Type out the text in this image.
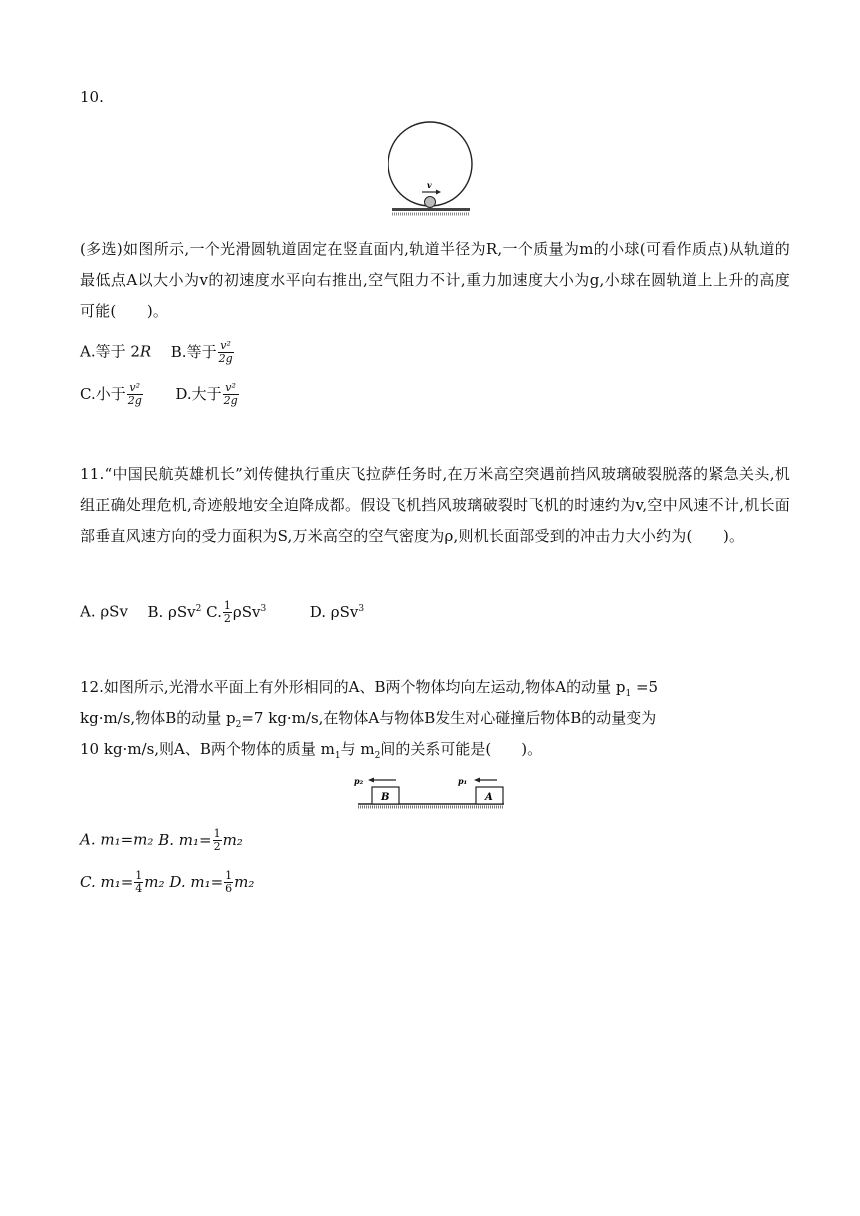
10.
v
(多选)如图所示,一个光滑圆轨道固定在竖直面内,轨道半径为R,一个质量为m的小球(可看作质点)从轨道的最低点A以大小为v的初速度水平向右推出,空气阻力不计,重力加速度大小为g,小球在圆轨道上上升的高度可能(　　)。
A.等于 2R B.等于 $\frac{\text{v²}}{2g}$
C.小于 $\frac{\text{v²}}{2g} D$.大于 $\frac{\text{v²}}{2g}$
11.“中国民航英雄机长”刘传健执行重庆飞拉萨任务时,在万米高空突遇前挡风玻璃破裂脱落的紧急关头,机组正确处理危机,奇迹般地安全迫降成都。假设飞机挡风玻璃破裂时飞机的时速约为v,空中风速不计,机长面部垂直风速方向的受力面积为S,万米高空的空气密度为ρ,则机长面部受到的冲击力大小约为(　　)。
A. ρSv B. ρSv$^2$ C. $\frac{1}{2} \rho Sv^3$	D. ρSv$^3$
12.如图所示,光滑水平面上有外形相同的A、B两个物体均向左运动,物体A的动量 $p_1 =5$
kg·m/s,物体B的动量 $p_2=7$ kg·m/s,在物体A与物体B发生对心碰撞后物体B的动量变为
10 kg·m/s,则A、B两个物体的质量 $m_1$与 $m_2$间的关系可能是(　　)。
B	A
p₂	p₁
A. m₁=m₂ B. $m_1= \frac{1}{2} m_2$
C. $m_1= \frac{1}{4} m_2$ D. $m_1= \frac{1}{6} m_2$
